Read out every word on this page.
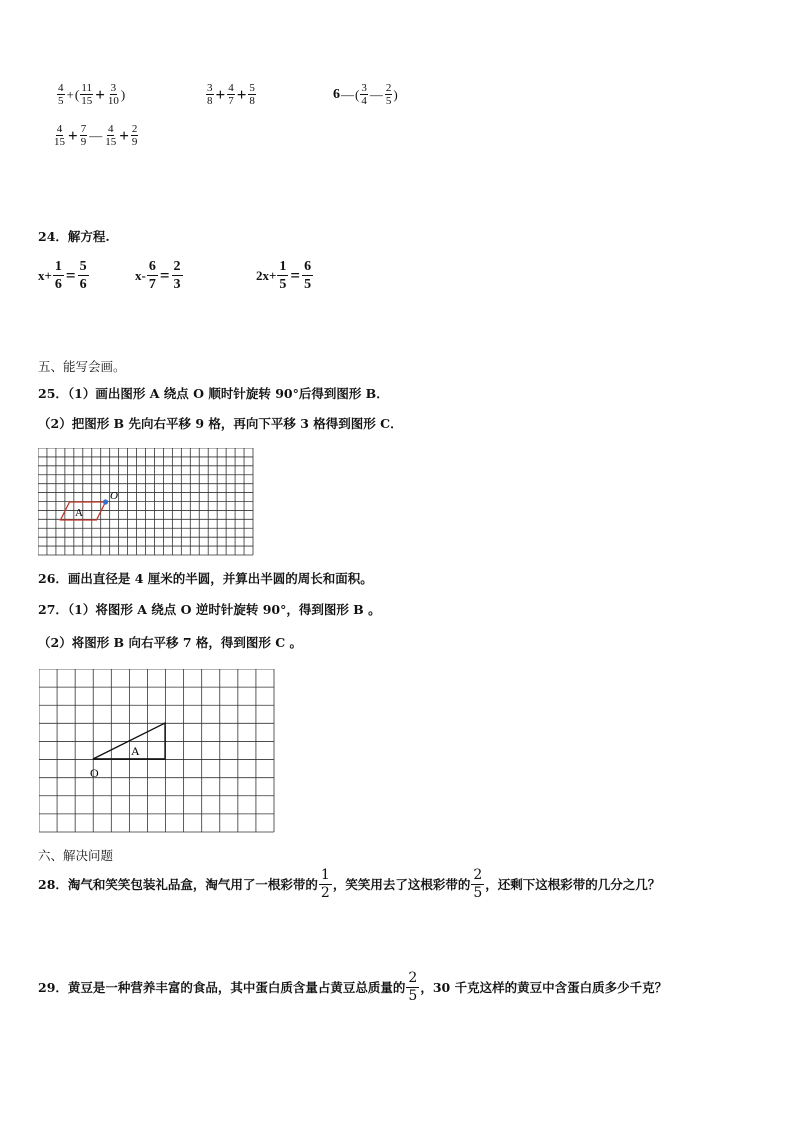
$\frac{4}{5}$ + ( $\frac{11}{15} + \frac{3}{10}$ )	$\frac{3}{8} + \frac{4}{7} + \frac{5}{8}$	6 — ( $\frac{3}{4}$ — $\frac{2}{5}$ )
$\frac{4}{15} + \frac{7}{9}$ — $\frac{4}{15} + \frac{2}{9}$
24．解方程.
$x+ \frac{1}{6} = \frac{5}{6}$	$x- \frac{6}{7} = \frac{2}{3}$	$2x+ \frac{1}{5} = \frac{6}{5}$
五、能写会画。
25．（1）画出图形 A 绕点 O 顺时针旋转 90°后得到图形 B．
（2）把图形 B 先向右平移 9 格，再向下平移 3 格得到图形 C．
A
O
26．画出直径是 4 厘米的半圆，并算出半圆的周长和面积。
27．（1）将图形 A 绕点 O 逆时针旋转 90°，得到图形 B 。
（2）将图形 B 向右平移 7 格，得到图形 C 。
A
O
六、解决问题
28．淘气和笑笑包装礼品盒，淘气用了一根彩带的 $\frac{1}{2}$ ，笑笑用去了这根彩带的 $\frac{2}{5}$ ，还剩下这根彩带的几分之几？
29．黄豆是一种营养丰富的食品，其中蛋白质含量占黄豆总质量的 $\frac{2}{5}$ ，30 千克这样的黄豆中含蛋白质多少千克？
